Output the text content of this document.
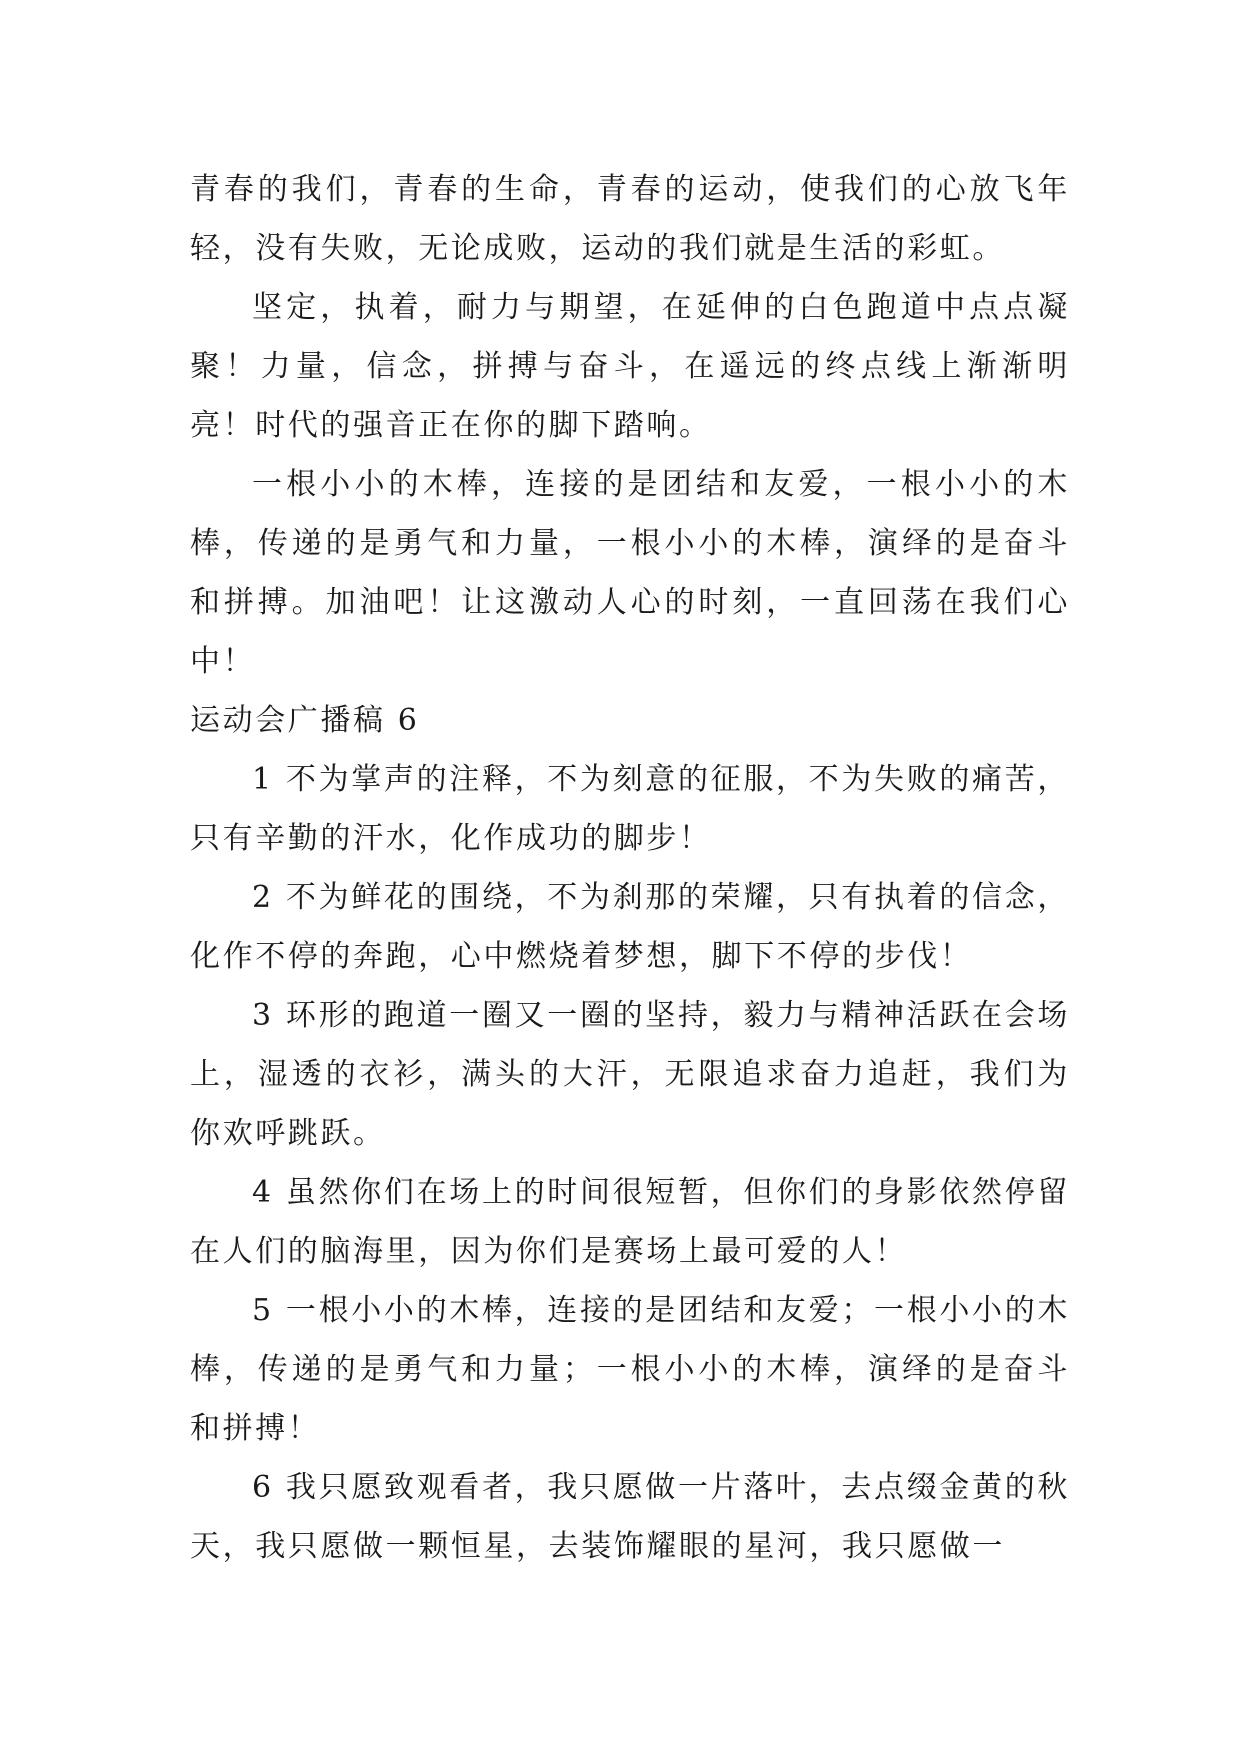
青春的我们，青春的生命，青春的运动，使我们的心放飞年轻，没有失败，无论成败，运动的我们就是生活的彩虹。

坚定，执着，耐力与期望，在延伸的白色跑道中点点凝聚！力量，信念，拼搏与奋斗，在遥远的终点线上渐渐明亮！时代的强音正在你的脚下踏响。

一根小小的木棒，连接的是团结和友爱，一根小小的木棒，传递的是勇气和力量，一根小小的木棒，演绎的是奋斗和拼搏。加油吧！让这激动人心的时刻，一直回荡在我们心中！

运动会广播稿 6

1 不为掌声的注释，不为刻意的征服，不为失败的痛苦，只有辛勤的汗水，化作成功的脚步！

2 不为鲜花的围绕，不为刹那的荣耀，只有执着的信念，化作不停的奔跑，心中燃烧着梦想，脚下不停的步伐！

3 环形的跑道一圈又一圈的坚持，毅力与精神活跃在会场上，湿透的衣衫，满头的大汗，无限追求奋力追赶，我们为你欢呼跳跃。

4 虽然你们在场上的时间很短暂，但你们的身影依然停留在人们的脑海里，因为你们是赛场上最可爱的人！

5 一根小小的木棒，连接的是团结和友爱；一根小小的木棒，传递的是勇气和力量；一根小小的木棒，演绎的是奋斗和拼搏！

6 我只愿致观看者，我只愿做一片落叶，去点缀金黄的秋天，我只愿做一颗恒星，去装饰耀眼的星河，我只愿做一
